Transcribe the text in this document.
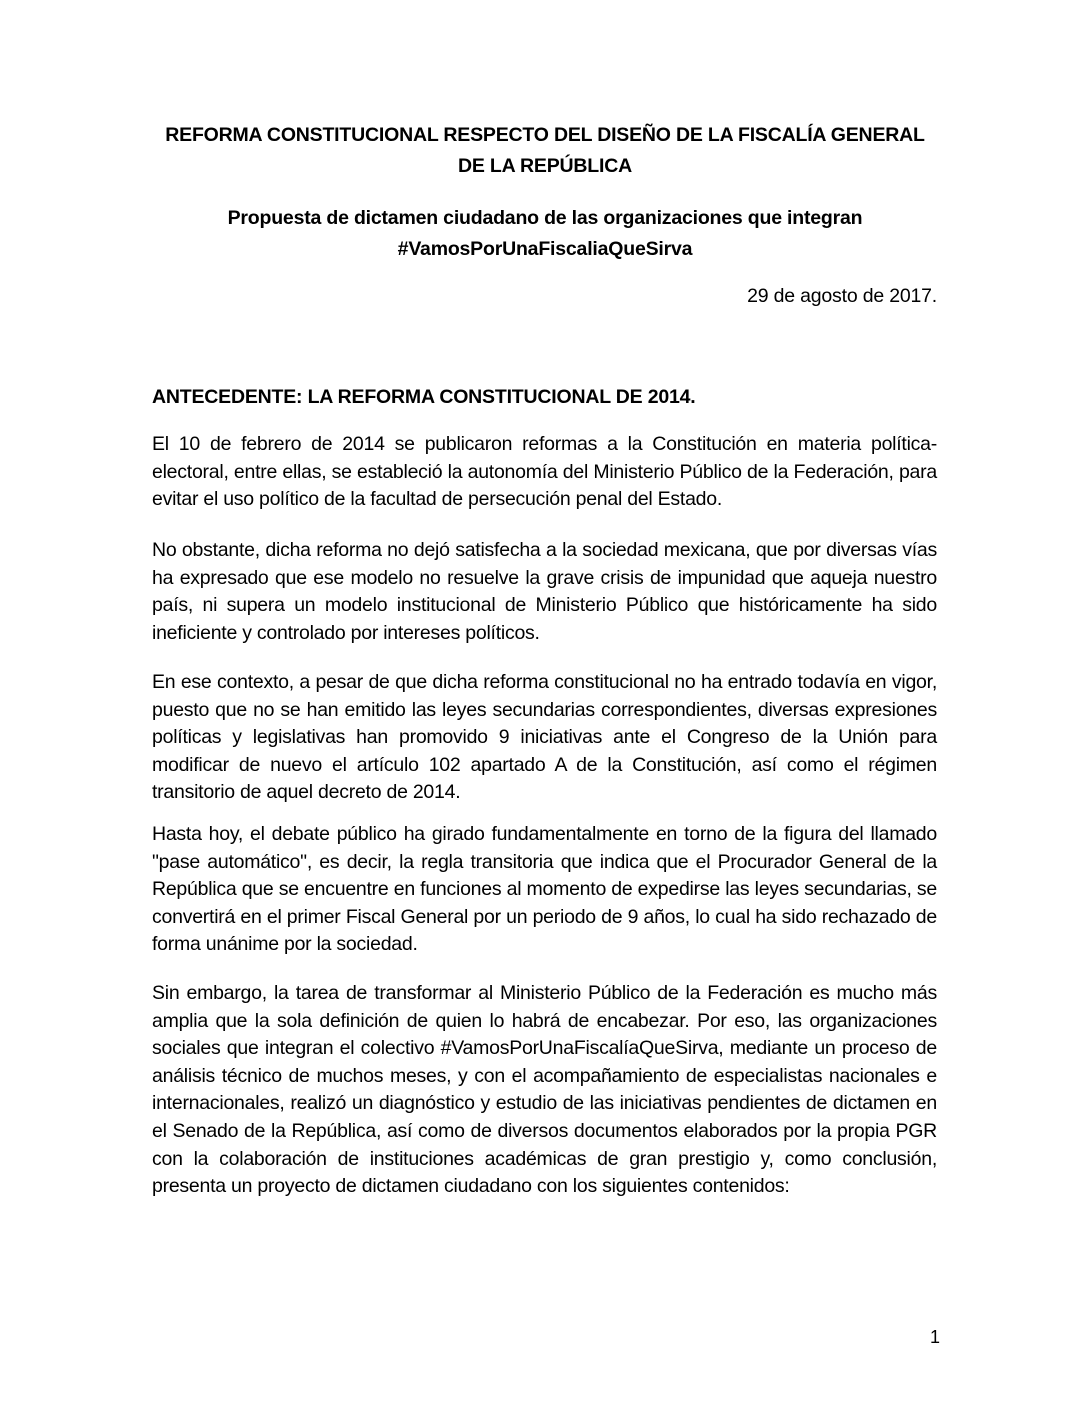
REFORMA CONSTITUCIONAL RESPECTO DEL DISEÑO DE LA FISCALÍA GENERAL DE LA REPÚBLICA
Propuesta de dictamen ciudadano de las organizaciones que integran #VamosPorUnaFiscaliaQueSirva
29 de agosto de 2017.
ANTECEDENTE: LA REFORMA CONSTITUCIONAL DE 2014.

El 10 de febrero de 2014 se publicaron reformas a la Constitución en materia política-electoral, entre ellas, se estableció la autonomía del Ministerio Público de la Federación, para evitar el uso político de la facultad de persecución penal del Estado.

No obstante, dicha reforma no dejó satisfecha a la sociedad mexicana, que por diversas vías ha expresado que ese modelo no resuelve la grave crisis de impunidad que aqueja nuestro país, ni supera un modelo institucional de Ministerio Público que históricamente ha sido ineficiente y controlado por intereses políticos.

En ese contexto, a pesar de que dicha reforma constitucional no ha entrado todavía en vigor, puesto que no se han emitido las leyes secundarias correspondientes, diversas expresiones políticas y legislativas han promovido 9 iniciativas ante el Congreso de la Unión para modificar de nuevo el artículo 102 apartado A de la Constitución, así como el régimen transitorio de aquel decreto de 2014.

Hasta hoy, el debate público ha girado fundamentalmente en torno de la figura del llamado "pase automático", es decir, la regla transitoria que indica que el Procurador General de la República que se encuentre en funciones al momento de expedirse las leyes secundarias, se convertirá en el primer Fiscal General por un periodo de 9 años, lo cual ha sido rechazado de forma unánime por la sociedad.

Sin embargo, la tarea de transformar al Ministerio Público de la Federación es mucho más amplia que la sola definición de quien lo habrá de encabezar. Por eso, las organizaciones sociales que integran el colectivo #VamosPorUnaFiscalíaQueSirva, mediante un proceso de análisis técnico de muchos meses, y con el acompañamiento de especialistas nacionales e internacionales, realizó un diagnóstico y estudio de las iniciativas pendientes de dictamen en el Senado de la República, así como de diversos documentos elaborados por la propia PGR con la colaboración de instituciones académicas de gran prestigio y, como conclusión, presenta un proyecto de dictamen ciudadano con los siguientes contenidos:

1
